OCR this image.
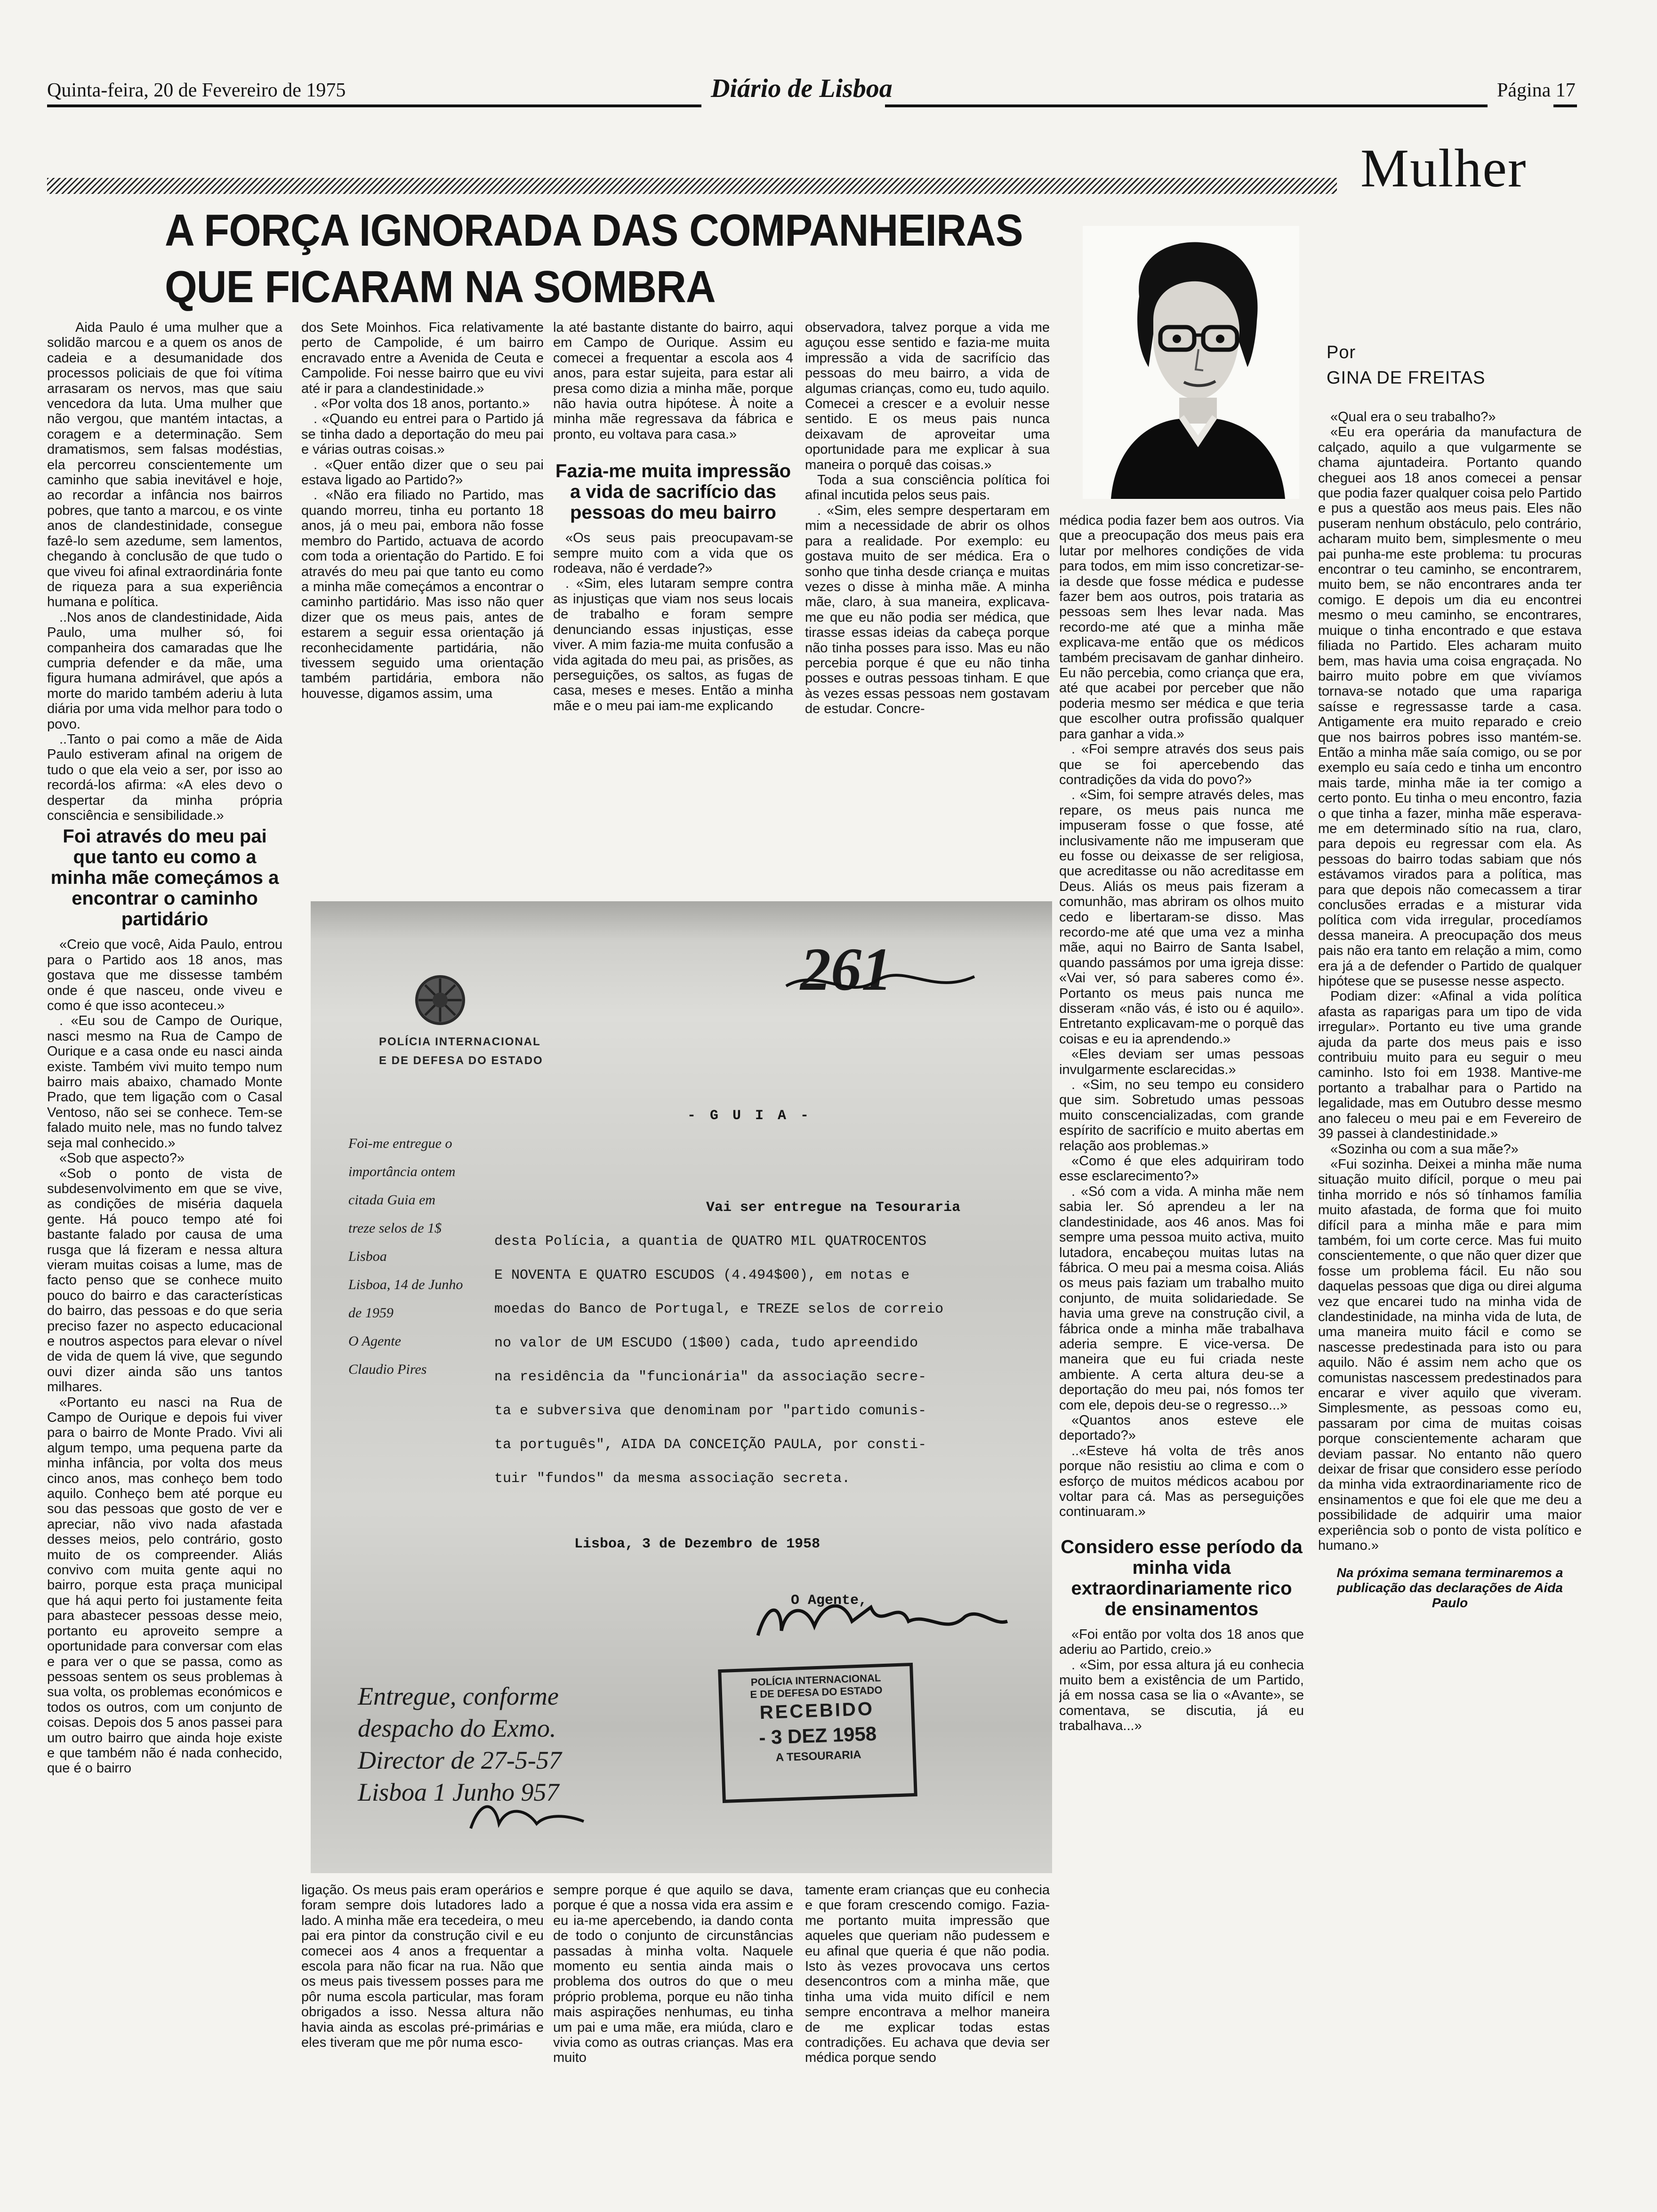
Quinta-feira, 20 de Fevereiro de 1975	Diário de Lisboa	Página 17
Mulher
A FORÇA IGNORADA DAS COMPANHEIRAS
QUE FICARAM NA SOMBRA
Por
GINA DE FREITAS

Aida Paulo é uma mulher que a solidão marcou e a quem os anos de cadeia e a desumanidade dos processos policiais de que foi vítima arrasaram os nervos, mas que saiu vencedora da luta. Uma mulher que não vergou, que mantém intactas, a coragem e a determinação. Sem dramatismos, sem falsas modéstias, ela percorreu conscientemente um caminho que sabia inevitável e hoje, ao recordar a infância nos bairros pobres, que tanto a marcou, e os vinte anos de clandestinidade, consegue fazê-lo sem azedume, sem lamentos, chegando à conclusão de que tudo o que viveu foi afinal extraordinária fonte de riqueza para a sua experiência humana e política.

..Nos anos de clandestinidade, Aida Paulo, uma mulher só, foi companheira dos camaradas que lhe cumpria defender e da mãe, uma figura humana admirável, que após a morte do marido também aderiu à luta diária por uma vida melhor para todo o povo.

..Tanto o pai como a mãe de Aida Paulo estiveram afinal na origem de tudo o que ela veio a ser, por isso ao recordá-los afirma: «A eles devo o despertar da minha própria consciência e sensibilidade.»

Foi através do meu pai que tanto eu como a minha mãe começámos a encontrar o caminho partidário

«Creio que você, Aida Paulo, entrou para o Partido aos 18 anos, mas gostava que me dissesse também onde é que nasceu, onde viveu e como é que isso aconteceu.»

. «Eu sou de Campo de Ourique, nasci mesmo na Rua de Campo de Ourique e a casa onde eu nasci ainda existe. Também vivi muito tempo num bairro mais abaixo, chamado Monte Prado, que tem ligação com o Casal Ventoso, não sei se conhece. Tem-se falado muito nele, mas no fundo talvez seja mal conhecido.»

«Sob que aspecto?»

«Sob o ponto de vista de subdesenvolvimento em que se vive, as condições de miséria daquela gente. Há pouco tempo até foi bastante falado por causa de uma rusga que lá fizeram e nessa altura vieram muitas coisas a lume, mas de facto penso que se conhece muito pouco do bairro e das características do bairro, das pessoas e do que seria preciso fazer no aspecto educacional e noutros aspectos para elevar o nível de vida de quem lá vive, que segundo ouvi dizer ainda são uns tantos milhares.

«Portanto eu nasci na Rua de Campo de Ourique e depois fui viver para o bairro de Monte Prado. Vivi ali algum tempo, uma pequena parte da minha infância, por volta dos meus cinco anos, mas conheço bem todo aquilo. Conheço bem até porque eu sou das pessoas que gosto de ver e apreciar, não vivo nada afastada desses meios, pelo contrário, gosto muito de os compreender. Aliás convivo com muita gente aqui no bairro, porque esta praça municipal que há aqui perto foi justamente feita para abastecer pessoas desse meio, portanto eu aproveito sempre a oportunidade para conversar com elas e para ver o que se passa, como as pessoas sentem os seus problemas à sua volta, os problemas económicos e todos os outros, com um conjunto de coisas. Depois dos 5 anos passei para um outro bairro que ainda hoje existe e que também não é nada conhecido, que é o bairro

dos Sete Moinhos. Fica relativamente perto de Campolide, é um bairro encravado entre a Avenida de Ceuta e Campolide. Foi nesse bairro que eu vivi até ir para a clandestinidade.»

. «Por volta dos 18 anos, portanto.»

. «Quando eu entrei para o Partido já se tinha dado a deportação do meu pai e várias outras coisas.»

. «Quer então dizer que o seu pai estava ligado ao Partido?»

. «Não era filiado no Partido, mas quando morreu, tinha eu portanto 18 anos, já o meu pai, embora não fosse membro do Partido, actuava de acordo com toda a orientação do Partido. E foi através do meu pai que tanto eu como a minha mãe começámos a encontrar o caminho partidário. Mas isso não quer dizer que os meus pais, antes de estarem a seguir essa orientação já reconhecidamente partidária, não tivessem seguido uma orientação também partidária, embora não houvesse, digamos assim, uma

la até bastante distante do bairro, aqui em Campo de Ourique. Assim eu comecei a frequentar a escola aos 4 anos, para estar sujeita, para estar ali presa como dizia a minha mãe, porque não havia outra hipótese. À noite a minha mãe regressava da fábrica e pronto, eu voltava para casa.»

Fazia-me muita impressão a vida de sacrifício das pessoas do meu bairro

«Os seus pais preocupavam-se sempre muito com a vida que os rodeava, não é verdade?»

. «Sim, eles lutaram sempre contra as injustiças que viam nos seus locais de trabalho e foram sempre denunciando essas injustiças, esse viver. A mim fazia-me muita confusão a vida agitada do meu pai, as prisões, as perseguições, os saltos, as fugas de casa, meses e meses. Então a minha mãe e o meu pai iam-me explicando

observadora, talvez porque a vida me aguçou esse sentido e fazia-me muita impressão a vida de sacrifício das pessoas do meu bairro, a vida de algumas crianças, como eu, tudo aquilo. Comecei a crescer e a evoluir nesse sentido. E os meus pais nunca deixavam de aproveitar uma oportunidade para me explicar à sua maneira o porquê das coisas.»

Toda a sua consciência política foi afinal incutida pelos seus pais.

. «Sim, eles sempre despertaram em mim a necessidade de abrir os olhos para a realidade. Por exemplo: eu gostava muito de ser médica. Era o sonho que tinha desde criança e muitas vezes o disse à minha mãe. A minha mãe, claro, à sua maneira, explicava-me que eu não podia ser médica, que tirasse essas ideias da cabeça porque não tinha posses para isso. Mas eu não percebia porque é que eu não tinha posses e outras pessoas tinham. E que às vezes essas pessoas nem gostavam de estudar. Concre-

médica podia fazer bem aos outros. Via que a preocupação dos meus pais era lutar por melhores condições de vida para todos, em mim isso concretizar-se-ia desde que fosse médica e pudesse fazer bem aos outros, pois trataria as pessoas sem lhes levar nada. Mas recordo-me até que a minha mãe explicava-me então que os médicos também precisavam de ganhar dinheiro. Eu não percebia, como criança que era, até que acabei por perceber que não poderia mesmo ser médica e que teria que escolher outra profissão qualquer para ganhar a vida.»

. «Foi sempre através dos seus pais que se foi apercebendo das contradições da vida do povo?»

. «Sim, foi sempre através deles, mas repare, os meus pais nunca me impuseram fosse o que fosse, até inclusivamente não me impuseram que eu fosse ou deixasse de ser religiosa, que acreditasse ou não acreditasse em Deus. Aliás os meus pais fizeram a comunhão, mas abriram os olhos muito cedo e libertaram-se disso. Mas recordo-me até que uma vez a minha mãe, aqui no Bairro de Santa Isabel, quando passámos por uma igreja disse: «Vai ver, só para saberes como é». Portanto os meus pais nunca me disseram «não vás, é isto ou é aquilo». Entretanto explicavam-me o porquê das coisas e eu ia aprendendo.»

«Eles deviam ser umas pessoas invulgarmente esclarecidas.»

. «Sim, no seu tempo eu considero que sim. Sobretudo umas pessoas muito conscencializadas, com grande espírito de sacrifício e muito abertas em relação aos problemas.»

«Como é que eles adquiriram todo esse esclarecimento?»

. «Só com a vida. A minha mãe nem sabia ler. Só aprendeu a ler na clandestinidade, aos 46 anos. Mas foi sempre uma pessoa muito activa, muito lutadora, encabeçou muitas lutas na fábrica. O meu pai a mesma coisa. Aliás os meus pais faziam um trabalho muito conjunto, de muita solidariedade. Se havia uma greve na construção civil, a fábrica onde a minha mãe trabalhava aderia sempre. E vice-versa. De maneira que eu fui criada neste ambiente. A certa altura deu-se a deportação do meu pai, nós fomos ter com ele, depois deu-se o regresso...»

«Quantos anos esteve ele deportado?»

..«Esteve há volta de três anos porque não resistiu ao clima e com o esforço de muitos médicos acabou por voltar para cá. Mas as perseguições continuaram.»

Considero esse período da minha vida extraordinariamente rico de ensinamentos

«Foi então por volta dos 18 anos que aderiu ao Partido, creio.»

. «Sim, por essa altura já eu conhecia muito bem a existência de um Partido, já em nossa casa se lia o «Avante», se comentava, se discutia, já eu trabalhava...»

«Qual era o seu trabalho?»

«Eu era operária da manufactura de calçado, aquilo a que vulgarmente se chama ajuntadeira. Portanto quando cheguei aos 18 anos comecei a pensar que podia fazer qualquer coisa pelo Partido e pus a questão aos meus pais. Eles não puseram nenhum obstáculo, pelo contrário, acharam muito bem, simplesmente o meu pai punha-me este problema: tu procuras encontrar o teu caminho, se encontrarem, muito bem, se não encontrares anda ter comigo. E depois um dia eu encontrei mesmo o meu caminho, se encontrares, muique o tinha encontrado e que estava filiada no Partido. Eles acharam muito bem, mas havia uma coisa engraçada. No bairro muito pobre em que vivíamos tornava-se notado que uma rapariga saísse e regressasse tarde a casa. Antigamente era muito reparado e creio que nos bairros pobres isso mantém-se. Então a minha mãe saía comigo, ou se por exemplo eu saía cedo e tinha um encontro mais tarde, minha mãe ia ter comigo a certo ponto. Eu tinha o meu encontro, fazia o que tinha a fazer, minha mãe esperava-me em determinado sítio na rua, claro, para depois eu regressar com ela. As pessoas do bairro todas sabiam que nós estávamos virados para a política, mas para que depois não comecassem a tirar conclusões erradas e a misturar vida política com vida irregular, procedíamos dessa maneira. A preocupação dos meus pais não era tanto em relação a mim, como era já a de defender o Partido de qualquer hipótese que se pusesse nesse aspecto.

Podiam dizer: «Afinal a vida política afasta as raparigas para um tipo de vida irregular». Portanto eu tive uma grande ajuda da parte dos meus pais e isso contribuiu muito para eu seguir o meu caminho. Isto foi em 1938. Mantive-me portanto a trabalhar para o Partido na legalidade, mas em Outubro desse mesmo ano faleceu o meu pai e em Fevereiro de 39 passei à clandestinidade.»

«Sozinha ou com a sua mãe?»

«Fui sozinha. Deixei a minha mãe numa situação muito difícil, porque o meu pai tinha morrido e nós só tínhamos família muito afastada, de forma que foi muito difícil para a minha mãe e para mim também, foi um corte cerce. Mas fui muito conscientemente, o que não quer dizer que fosse um problema fácil. Eu não sou daquelas pessoas que diga ou direi alguma vez que encarei tudo na minha vida de clandestinidade, na minha vida de luta, de uma maneira muito fácil e como se nascesse predestinada para isto ou para aquilo. Não é assim nem acho que os comunistas nascessem predestinados para encarar e viver aquilo que viveram. Simplesmente, as pessoas como eu, passaram por cima de muitas coisas porque conscientemente acharam que deviam passar. No entanto não quero deixar de frisar que considero esse período da minha vida extraordinariamente rico de ensinamentos e que foi ele que me deu a possibilidade de adquirir uma maior experiência sob o ponto de vista político e humano.»

Na próxima semana terminaremos a publicação das declarações de Aida Paulo
POLÍCIA INTERNACIONAL
E DE DEFESA DO ESTADO
261
- G U I A -
Foi-me entregue o
importância ontem
citada Guia em
treze selos de 1$
Lisboa
Lisboa, 14 de Junho
de 1959
O Agente
Claudio Pires
Vai ser entregue na Tesouraria
desta Polícia, a quantia de QUATRO MIL QUATROCENTOS
E NOVENTA E QUATRO ESCUDOS (4.494$00), em notas e
moedas do Banco de Portugal, e TREZE selos de correio
no valor de UM ESCUDO (1$00) cada, tudo apreendido
na residência da "funcionária" da associação secre-
ta e subversiva que denominam por "partido comunis-
ta português", AIDA DA CONCEIÇÃO PAULA, por consti-
tuir "fundos" da mesma associação secreta.
Lisboa, 3 de Dezembro de 1958
O Agente,
Entregue, conforme
despacho do Exmo.
Director de 27-5-57
Lisboa 1 Junho 957
POLÍCIA INTERNACIONAL
E DE DEFESA DO ESTADO
RECEBIDO
- 3 DEZ 1958
A TESOURARIA

ligação. Os meus pais eram operários e foram sempre dois lutadores lado a lado. A minha mãe era tecedeira, o meu pai era pintor da construção civil e eu comecei aos 4 anos a frequentar a escola para não ficar na rua. Não que os meus pais tivessem posses para me pôr numa escola particular, mas foram obrigados a isso. Nessa altura não havia ainda as escolas pré-primárias e eles tiveram que me pôr numa esco-

sempre porque é que aquilo se dava, porque é que a nossa vida era assim e eu ia-me apercebendo, ia dando conta de todo o conjunto de circunstâncias passadas à minha volta. Naquele momento eu sentia ainda mais o problema dos outros do que o meu próprio problema, porque eu não tinha mais aspirações nenhumas, eu tinha um pai e uma mãe, era miúda, claro e vivia como as outras crianças. Mas era muito

tamente eram crianças que eu conhecia e que foram crescendo comigo. Fazia-me portanto muita impressão que aqueles que queriam não pudessem e eu afinal que queria é que não podia. Isto às vezes provocava uns certos desencontros com a minha mãe, que tinha uma vida muito difícil e nem sempre encontrava a melhor maneira de me explicar todas estas contradições. Eu achava que devia ser médica porque sendo
